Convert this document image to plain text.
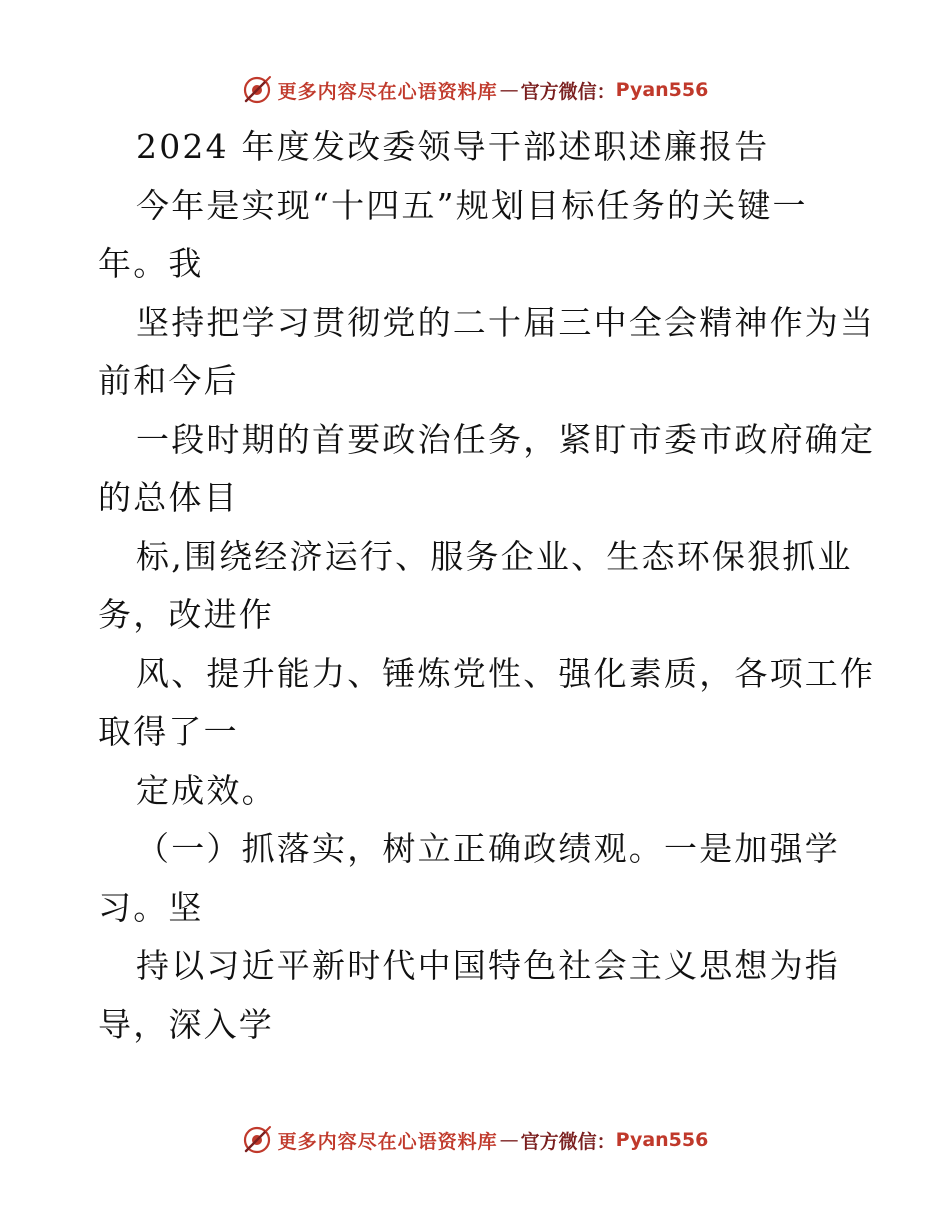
更多内容尽在心语资料库 — 官方微信： Pyan556
2024 年度发改委领导干部述职述廉报告
今年是实现“十四五”规划目标任务的关键一
年。我
坚持把学习贯彻党的二十届三中全会精神作为当
前和今后
一段时期的首要政治任务，紧盯市委市政府确定
的总体目
标,围绕经济运行、服务企业、生态环保狠抓业
务，改进作
风、提升能力、锤炼党性、强化素质，各项工作
取得了一
定成效。
（一）抓落实，树立正确政绩观。一是加强学
习。坚
持以习近平新时代中国特色社会主义思想为指
导，深入学
更多内容尽在心语资料库 — 官方微信： Pyan556
